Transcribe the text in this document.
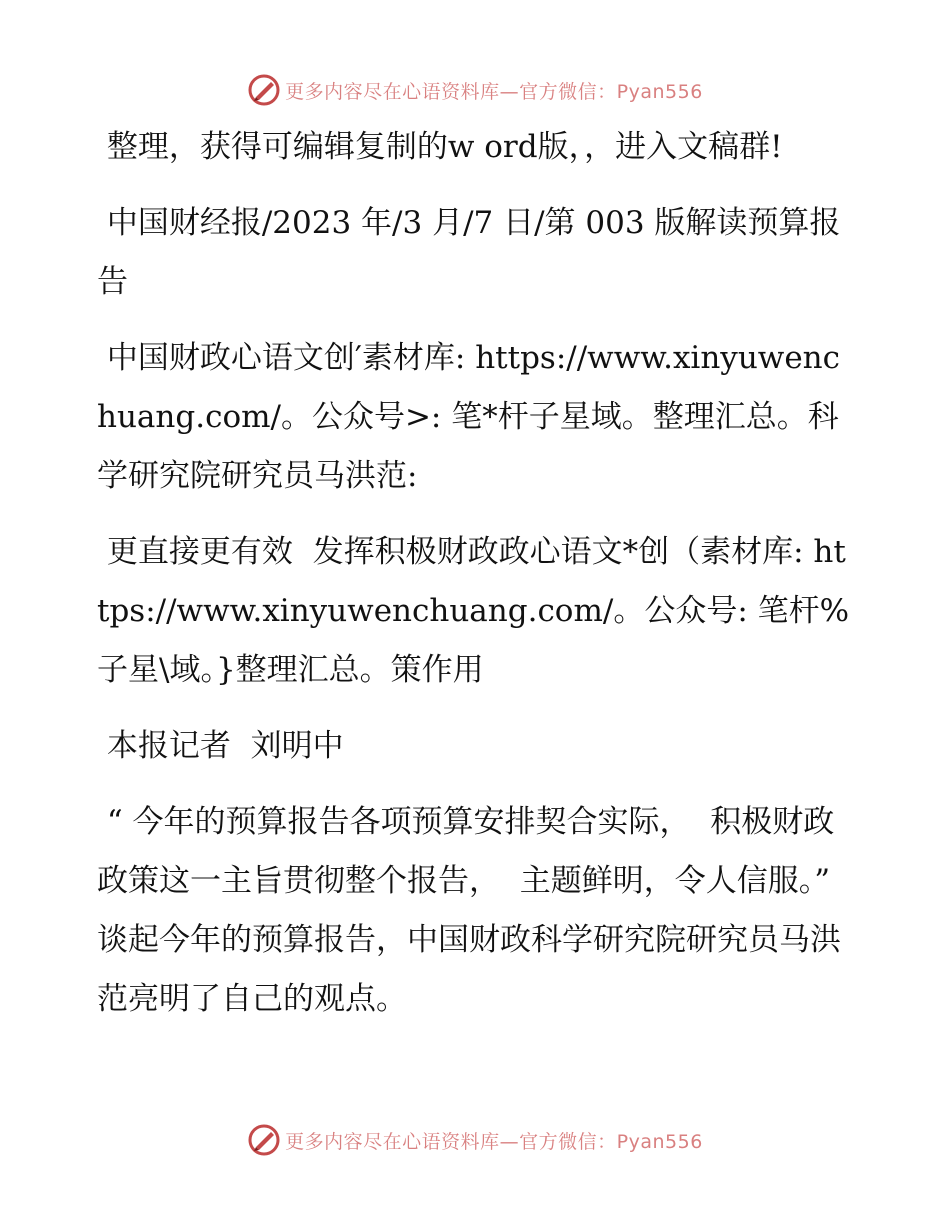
更多内容尽在心语资料库—官方微信：Pyan556

整理，获得可编辑复制的w ord版，，进入文稿群!

中国财经报/2023 年/3 月/7 日/第 003 版解读预算报告

中国财政心语文创′素材库: https://www.xinyuwenchuang.com/。公众号>: 笔*杆子星域。整理汇总。科学研究院研究员马洪范:

更直接更有效  发挥积极财政政心语文*创（素材库: https://www.xinyuwenchuang.com/。公众号: 笔杆%子星\域。}整理汇总。策作用

本报记者  刘明中

“ 今年的预算报告各项预算安排契合实际，  积极财政政策这一主旨贯彻整个报告，  主题鲜明，令人信服。” 谈起今年的预算报告，中国财政科学研究院研究员马洪范亮明了自己的观点。

更多内容尽在心语资料库—官方微信：Pyan556
